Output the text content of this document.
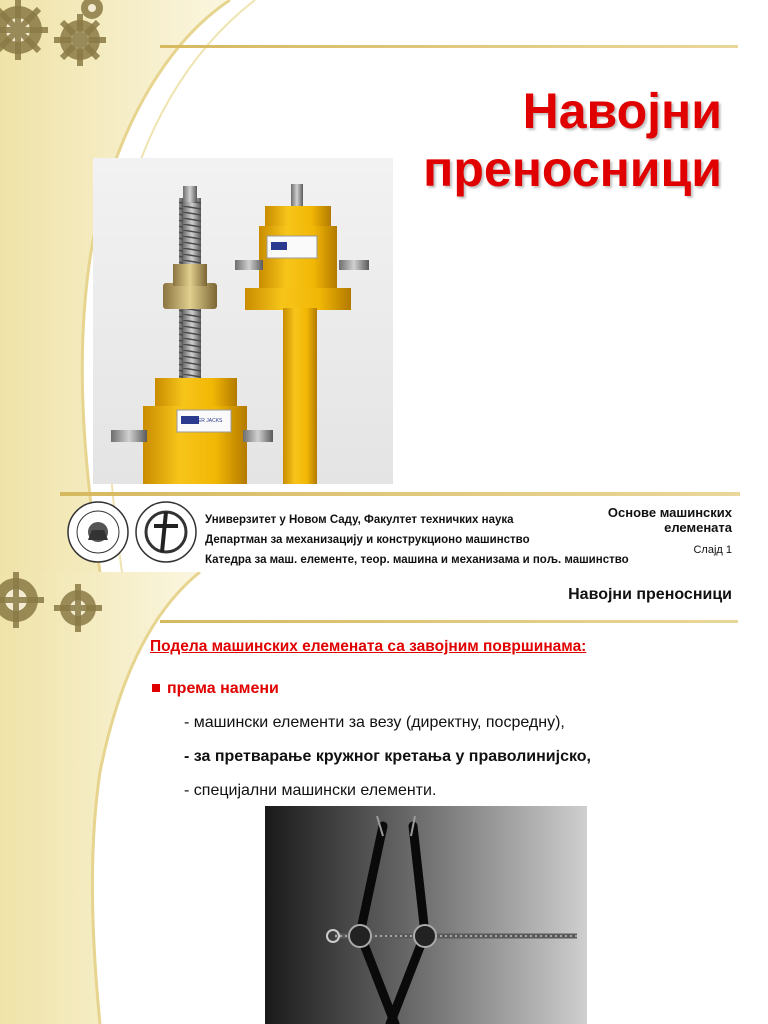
Навојни
преносници
POWER JACKS
Универзитет у Новом Саду, Факултет техничких наука
Департман за механизацију и конструкционо машинство
Катедра за маш. елементе, теор. машина и механизама и пољ. машинство
Основе машинских
елемената
Слајд 1
Навојни преносници
Подела машинских елемената са завојним површинама:
према намени
- машински елементи за везу (директну, посредну),
- за претварање кружног кретања у праволинијско,
- специјални машински елементи.
